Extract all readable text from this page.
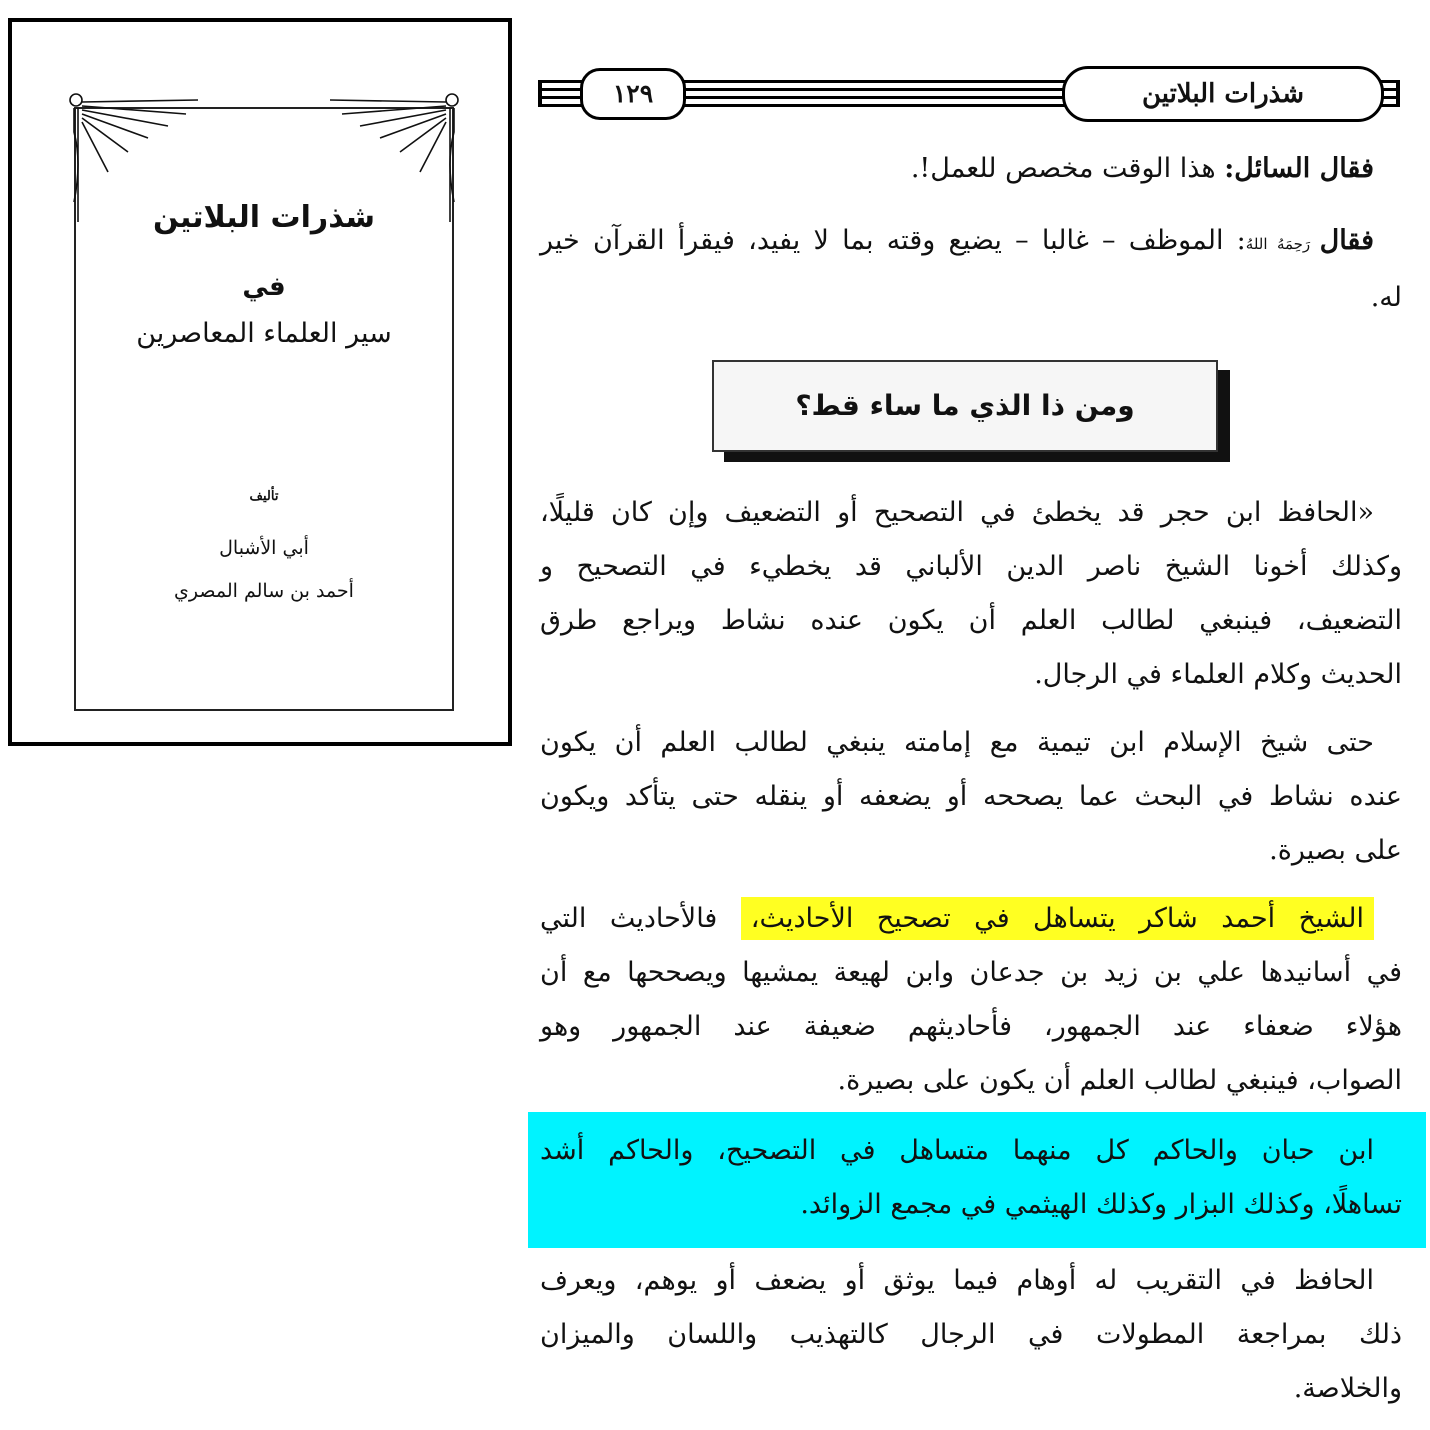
شذرات البلاتين
في
سير العلماء المعاصرين
تأليف
أبي الأشبال
أحمد بن سالم المصري
١٢٩	شذرات البلاتين
فقال السائل: هذا الوقت مخصص للعمل!.
فقال رَحِمَهُ اللهُ: الموظف – غالبا – يضيع وقته بما لا يفيد، فيقرأ القرآن خير
له.
ومن ذا الذي ما ساء قط؟
«الحافظ ابن حجر قد يخطئ في التصحيح أو التضعيف وإن كان قليلًا،
وكذلك أخونا الشيخ ناصر الدين الألباني قد يخطيء في التصحيح و
التضعيف، فينبغي لطالب العلم أن يكون عنده نشاط ويراجع طرق
الحديث وكلام العلماء في الرجال.
حتى شيخ الإسلام ابن تيمية مع إمامته ينبغي لطالب العلم أن يكون
عنده نشاط في البحث عما يصححه أو يضعفه أو ينقله حتى يتأكد ويكون
على بصيرة.
الشيخ أحمد شاكر يتساهل في تصحيح الأحاديث، فالأحاديث التي
في أسانيدها علي بن زيد بن جدعان وابن لهيعة يمشيها ويصححها مع أن
هؤلاء ضعفاء عند الجمهور، فأحاديثهم ضعيفة عند الجمهور وهو
الصواب، فينبغي لطالب العلم أن يكون على بصيرة.
ابن حبان والحاكم كل منهما متساهل في التصحيح، والحاكم أشد
تساهلًا، وكذلك البزار وكذلك الهيثمي في مجمع الزوائد.
الحافظ في التقريب له أوهام فيما يوثق أو يضعف أو يوهم، ويعرف
ذلك بمراجعة المطولات في الرجال كالتهذيب واللسان والميزان
والخلاصة.
